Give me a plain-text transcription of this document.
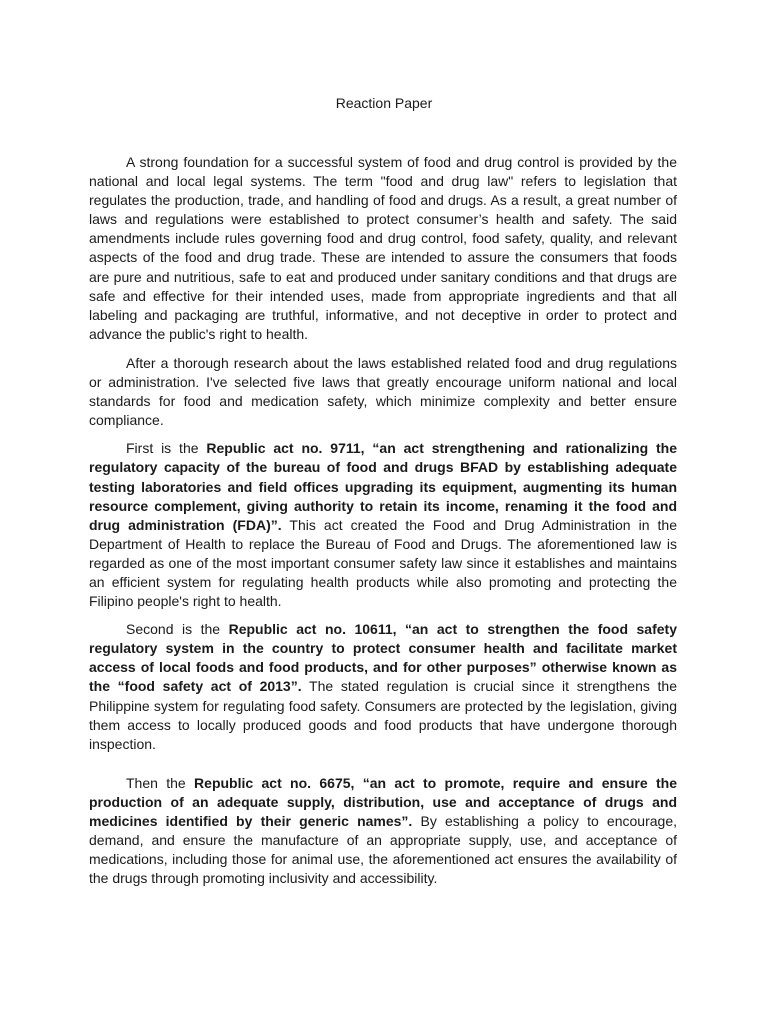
Reaction Paper

A strong foundation for a successful system of food and drug control is provided by the national and local legal systems. The term "food and drug law" refers to legislation that regulates the production, trade, and handling of food and drugs. As a result, a great number of laws and regulations were established to protect consumer’s health and safety. The said amendments include rules governing food and drug control, food safety, quality, and relevant aspects of the food and drug trade. These are intended to assure the consumers that foods are pure and nutritious, safe to eat and produced under sanitary conditions and that drugs are safe and effective for their intended uses, made from appropriate ingredients and that all labeling and packaging are truthful, informative, and not deceptive in order to protect and advance the public's right to health.

After a thorough research about the laws established related food and drug regulations or administration. I've selected five laws that greatly encourage uniform national and local standards for food and medication safety, which minimize complexity and better ensure compliance.

First is the Republic act no. 9711, “an act strengthening and rationalizing the regulatory capacity of the bureau of food and drugs BFAD by establishing adequate testing laboratories and field offices upgrading its equipment, augmenting its human resource complement, giving authority to retain its income, renaming it the food and drug administration (FDA)”. This act created the Food and Drug Administration in the Department of Health to replace the Bureau of Food and Drugs. The aforementioned law is regarded as one of the most important consumer safety law since it establishes and maintains an efficient system for regulating health products while also promoting and protecting the Filipino people's right to health.

Second is the Republic act no. 10611, “an act to strengthen the food safety regulatory system in the country to protect consumer health and facilitate market access of local foods and food products, and for other purposes” otherwise known as the “food safety act of 2013”. The stated regulation is crucial since it strengthens the Philippine system for regulating food safety. Consumers are protected by the legislation, giving them access to locally produced goods and food products that have undergone thorough inspection.

Then the Republic act no. 6675, “an act to promote, require and ensure the production of an adequate supply, distribution, use and acceptance of drugs and medicines identified by their generic names”. By establishing a policy to encourage, demand, and ensure the manufacture of an appropriate supply, use, and acceptance of medications, including those for animal use, the aforementioned act ensures the availability of the drugs through promoting inclusivity and accessibility.
